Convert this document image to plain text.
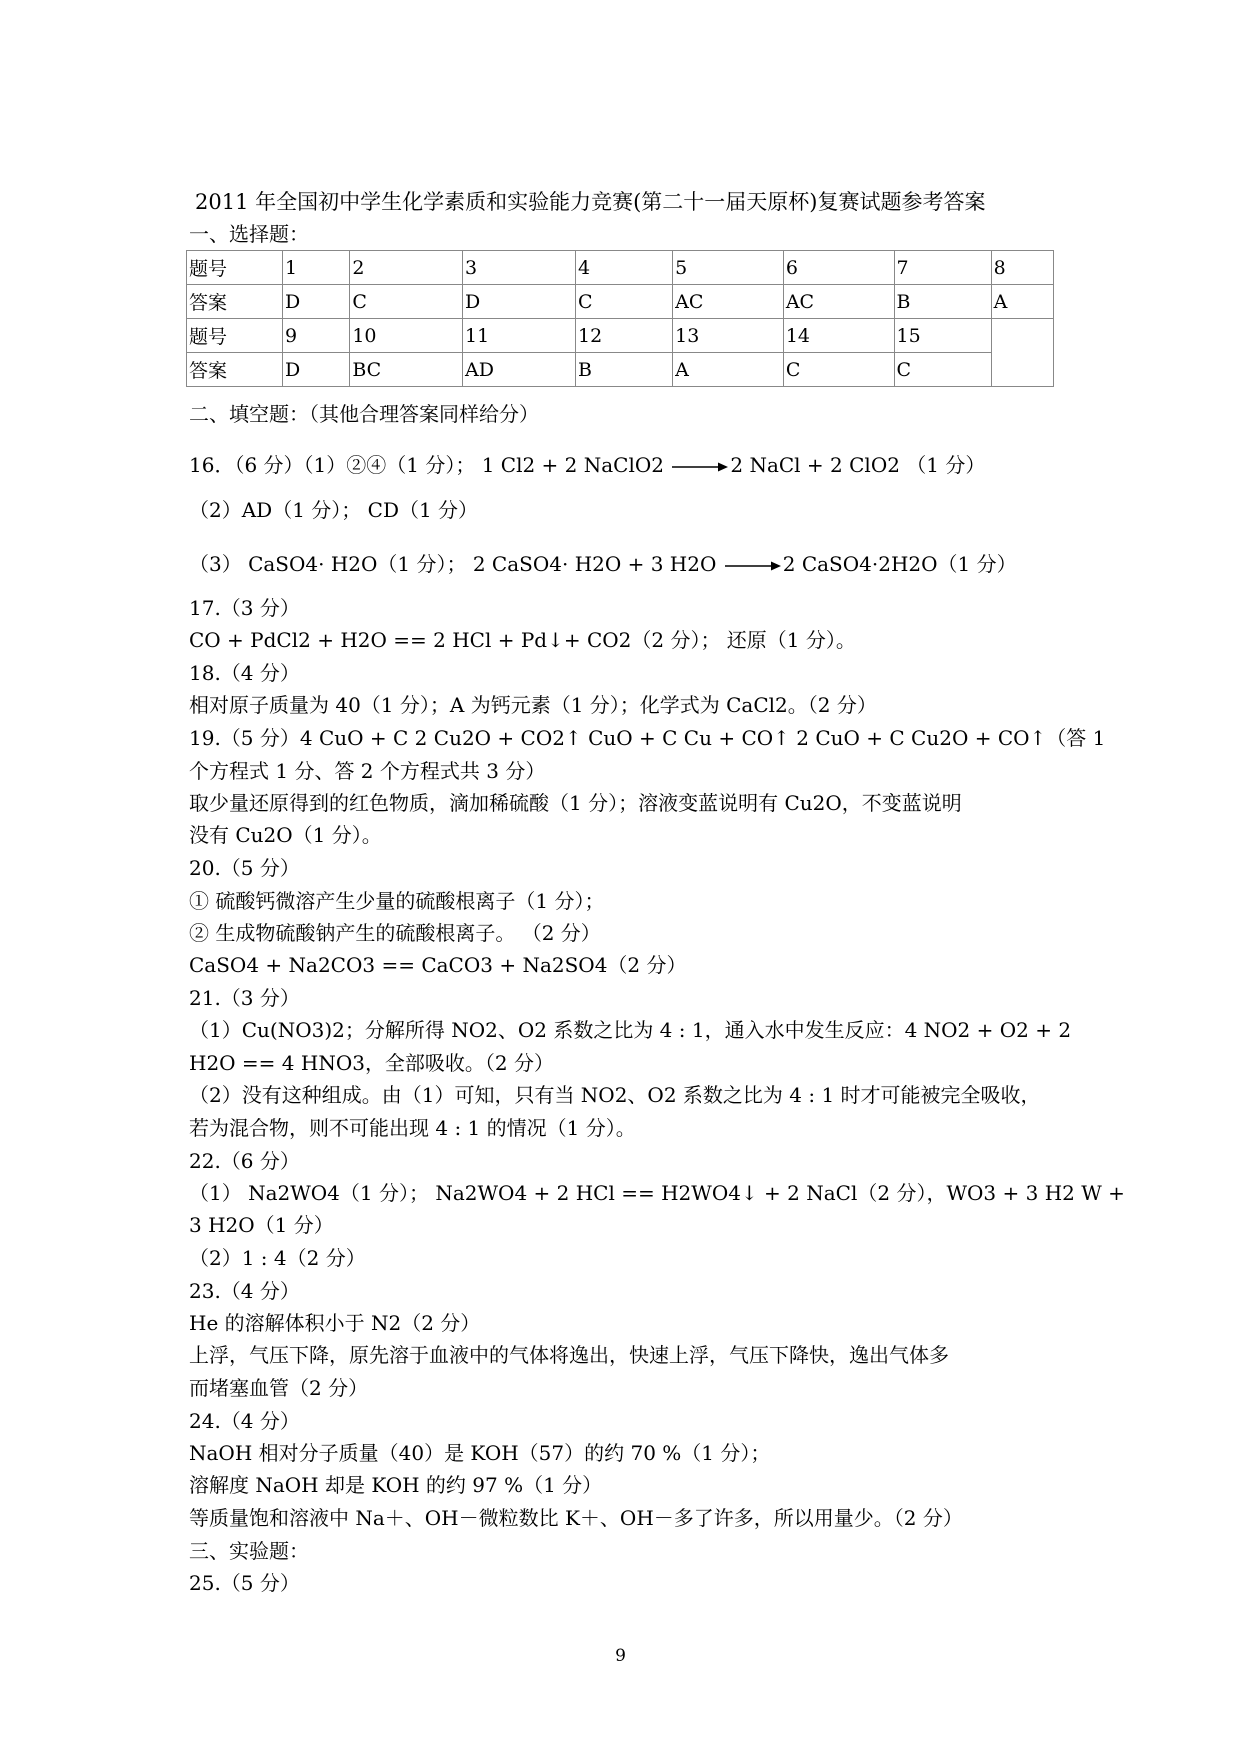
2011 年全国初中学生化学素质和实验能力竞赛(第二十一届天原杯)复赛试题参考答案
一、选择题：
题号	1	2	3	4	5	6	7	8
答案	D	C	D	C	AC	AC	B	A
题号	9	10	11	12	13	14	15	
答案	D	BC	AD	B	A	C	C	
二、填空题：（其他合理答案同样给分）
16．（6 分）（1）②④（1 分）； 1 Cl2 + 2 NaClO2 → 2 NaCl + 2 ClO2 （1 分）
（2）AD（1 分）； CD（1 分）
（3） CaSO4· H2O（1 分）； 2 CaSO4· H2O + 3 H2O → 2 CaSO4·2H2O（1 分）
17.（3 分）
CO + PdCl2 + H2O == 2 HCl + Pd↓+ CO2（2 分）； 还原（1 分）。
18.（4 分）
相对原子质量为 40（1 分）；A 为钙元素（1 分）；化学式为 CaCl2。（2 分）
19.（5 分）4 CuO + C 2 Cu2O + CO2↑ CuO + C Cu + CO↑ 2 CuO + C Cu2O + CO↑（答 1
个方程式 1 分、答 2 个方程式共 3 分）
取少量还原得到的红色物质，滴加稀硫酸（1 分）；溶液变蓝说明有 Cu2O，不变蓝说明
没有 Cu2O（1 分）。
20.（5 分）
① 硫酸钙微溶产生少量的硫酸根离子（1 分）；
② 生成物硫酸钠产生的硫酸根离子。 （2 分）
CaSO4 + Na2CO3 == CaCO3 + Na2SO4（2 分）
21.（3 分）
（1）Cu(NO3)2；分解所得 NO2、O2 系数之比为 4 : 1，通入水中发生反应：4 NO2 + O2 + 2
H2O == 4 HNO3，全部吸收。（2 分）
（2）没有这种组成。由（1）可知，只有当 NO2、O2 系数之比为 4 : 1 时才可能被完全吸收，
若为混合物，则不可能出现 4 : 1 的情况（1 分）。
22.（6 分）
（1） Na2WO4（1 分）； Na2WO4 + 2 HCl == H2WO4↓ + 2 NaCl（2 分），WO3 + 3 H2 W +
3 H2O（1 分）
（2）1 : 4（2 分）
23.（4 分）
He 的溶解体积小于 N2（2 分）
上浮，气压下降，原先溶于血液中的气体将逸出，快速上浮，气压下降快，逸出气体多
而堵塞血管（2 分）
24.（4 分）
NaOH 相对分子质量（40）是 KOH（57）的约 70 %（1 分）；
溶解度 NaOH 却是 KOH 的约 97 %（1 分）
等质量饱和溶液中 Na＋、OH－微粒数比 K＋、OH－多了许多，所以用量少。（2 分）
三、实验题：
25.（5 分）
9
